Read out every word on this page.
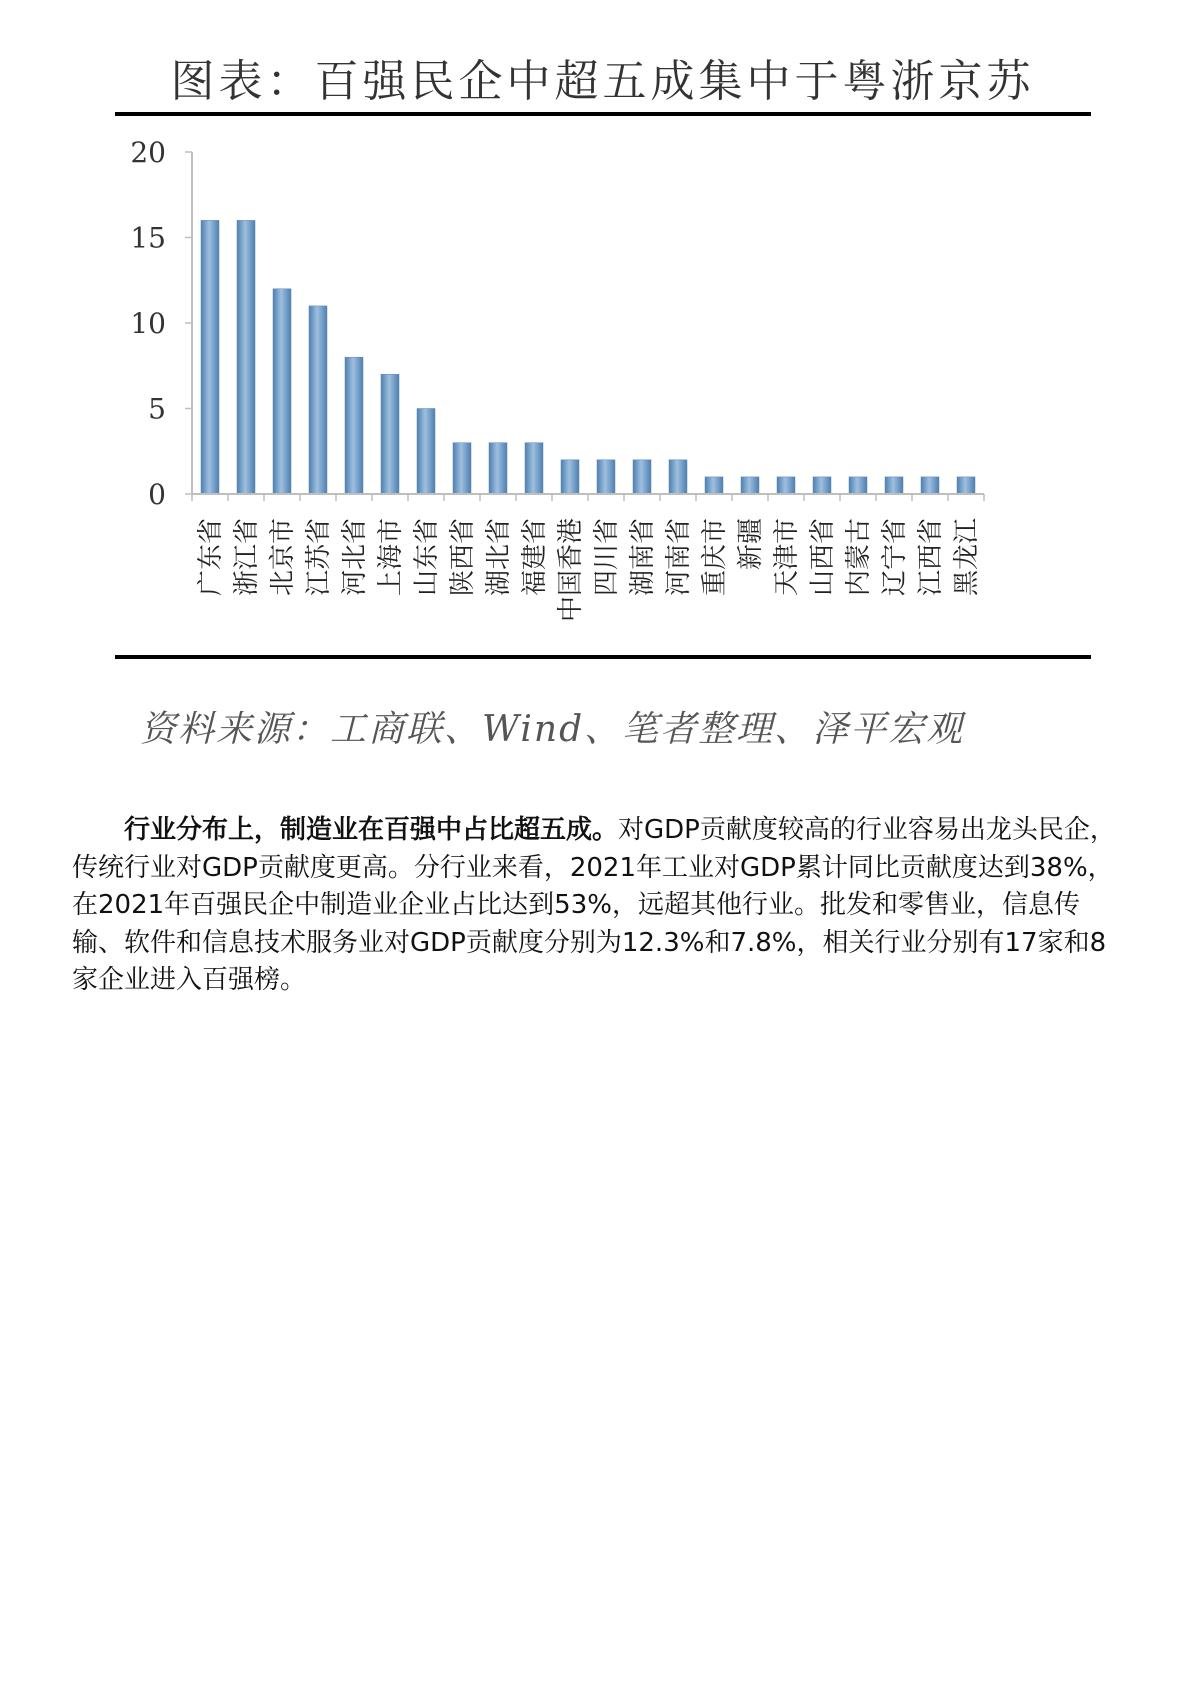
图表：百强民企中超五成集中于粤浙京苏
0
5
10
15
20
广东省 浙江省 北京市 江苏省 河北省 上海市 山东省 陕西省 湖北省 福建省 中国香港 四川省 湖南省 河南省 重庆市 新疆 天津市 山西省 内蒙古 辽宁省 江西省 黑龙江
资料来源：工商联、Wind、笔者整理、泽平宏观

行业分布上，制造业在百强中占比超五成。对GDP贡献度较高的行业容易出龙头民企，传统行业对GDP贡献度更高。分行业来看，2021年工业对GDP累计同比贡献度达到38%，在2021年百强民企中制造业企业占比达到53%，远超其他行业。批发和零售业，信息传输、软件和信息技术服务业对GDP贡献度分别为12.3%和7.8%，相关行业分别有17家和8家企业进入百强榜。
